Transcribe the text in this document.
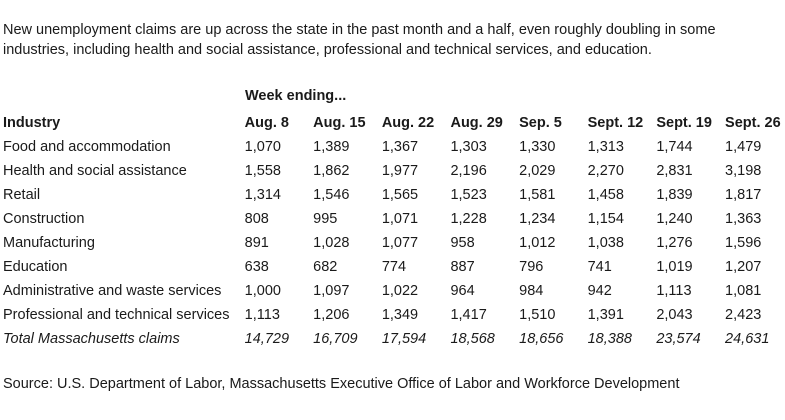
New unemployment claims are up across the state in the past month and a half, even roughly doubling in some industries, including health and social assistance, professional and technical services, and education.

Week ending...

Industry	Aug. 8	Aug. 15	Aug. 22	Aug. 29	Sep. 5	Sept. 12	Sept. 19	Sept. 26
Food and accommodation	1,070	1,389	1,367	1,303	1,330	1,313	1,744	1,479
Health and social assistance	1,558	1,862	1,977	2,196	2,029	2,270	2,831	3,198
Retail	1,314	1,546	1,565	1,523	1,581	1,458	1,839	1,817
Construction	808	995	1,071	1,228	1,234	1,154	1,240	1,363
Manufacturing	891	1,028	1,077	958	1,012	1,038	1,276	1,596
Education	638	682	774	887	796	741	1,019	1,207
Administrative and waste services	1,000	1,097	1,022	964	984	942	1,113	1,081
Professional and technical services	1,113	1,206	1,349	1,417	1,510	1,391	2,043	2,423
Total Massachusetts claims	14,729	16,709	17,594	18,568	18,656	18,388	23,574	24,631

Source: U.S. Department of Labor, Massachusetts Executive Office of Labor and Workforce Development
